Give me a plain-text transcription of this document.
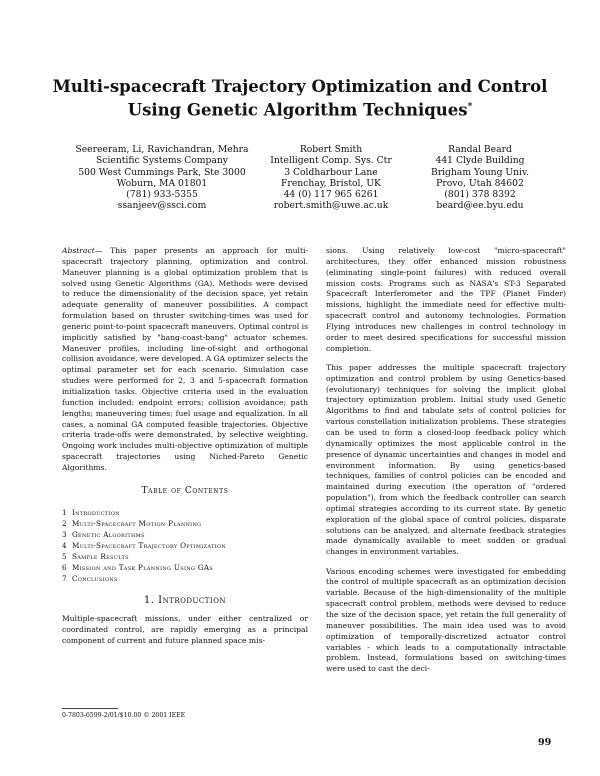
Multi-spacecraft Trajectory Optimization and Control
Using Genetic Algorithm Techniques*
Seereeram, Li, Ravichandran, Mehra
Scientific Systems Company
500 West Cummings Park, Ste 3000
Woburn, MA 01801
(781) 933-5355
ssanjeev@ssci.com
Robert Smith
Intelligent Comp. Sys. Ctr
3 Coldharbour Lane
Frenchay, Bristol, UK
44 (0) 117 965 6261
robert.smith@uwe.ac.uk
Randal Beard
441 Clyde Building
Brigham Young Univ.
Provo, Utah 84602
(801) 378 8392
beard@ee.byu.edu

Abstract— This paper presents an approach for multi-spacecraft trajectory planning, optimization and control. Maneuver planning is a global optimization problem that is solved using Genetic Algorithms (GA). Methods were devised to reduce the dimensionality of the decision space, yet retain adequate generality of maneuver possibilities. A compact formulation based on thruster switching-times was used for generic point-to-point spacecraft maneuvers. Optimal control is implicitly satisfied by "bang-coast-bang" actuator schemes. Maneuver profiles, including line-of-sight and orthogonal collision avoidance, were developed. A GA optimizer selects the optimal parameter set for each scenario. Simulation case studies were performed for 2, 3 and 5-spacecraft formation initialization tasks. Objective criteria used in the evaluation function included: endpoint errors; collision avoidance; path lengths; maneuvering times; fuel usage and equalization. In all cases, a nominal GA computed feasible trajectories. Objective criteria trade-offs were demonstrated, by selective weighting. Ongoing work includes multi-objective optimization of multiple spacecraft trajectories using Niched-Pareto Genetic Algorithms.

Table of Contents
1 Introduction
2 Multi-Spacecraft Motion Planning
3 Genetic Algorithms
4 Multi-Spacecraft Trajectory Optimization
5 Sample Results
6 Mission and Task Planning Using GAs
7 Conclusions
1. Introduction

Multiple-spacecraft missions, under either centralized or coordinated control, are rapidly emerging as a principal component of current and future planned space mis-

0-7803-6599-2/01/$10.00 © 2001 IEEE

sions. Using relatively low-cost "micro-spacecraft" architectures, they offer enhanced mission robustness (eliminating single-point failures) with reduced overall mission costs. Programs such as NASA's ST-3 Separated Spacecraft Interferometer and the TPF (Planet Finder) missions, highlight the immediate need for effective multi-spacecraft control and autonomy technologies. Formation Flying introduces new challenges in control technology in order to meet desired specifications for successful mission completion.

This paper addresses the multiple spacecraft trajectory optimization and control problem by using Genetics-based (evolutionary) techniques for solving the implicit global trajectory optimization problem. Initial study used Genetic Algorithms to find and tabulate sets of control policies for various constellation initialization problems. These strategies can be used to form a closed-loop feedback policy which dynamically optimizes the most applicable control in the presence of dynamic uncertainties and changes in model and environment information. By using genetics-based techniques, families of control policies can be encoded and maintained during execution (the operation of "ordered population"), from which the feedback controller can search optimal strategies according to its current state. By genetic exploration of the global space of control policies, disparate solutions can be analyzed, and alternate feedback strategies made dynamically available to meet sudden or gradual changes in environment variables.

Various encoding schemes were investigated for embedding the control of multiple spacecraft as an optimization decision variable. Because of the high-dimensionality of the multiple spacecraft control problem, methods were devised to reduce the size of the decision space, yet retain the full generality of maneuver possibilities. The main idea used was to avoid optimization of temporally-discretized actuator control variables - which leads to a computationally intractable problem. Instead, formulations based on switching-times were used to cast the deci-

99
